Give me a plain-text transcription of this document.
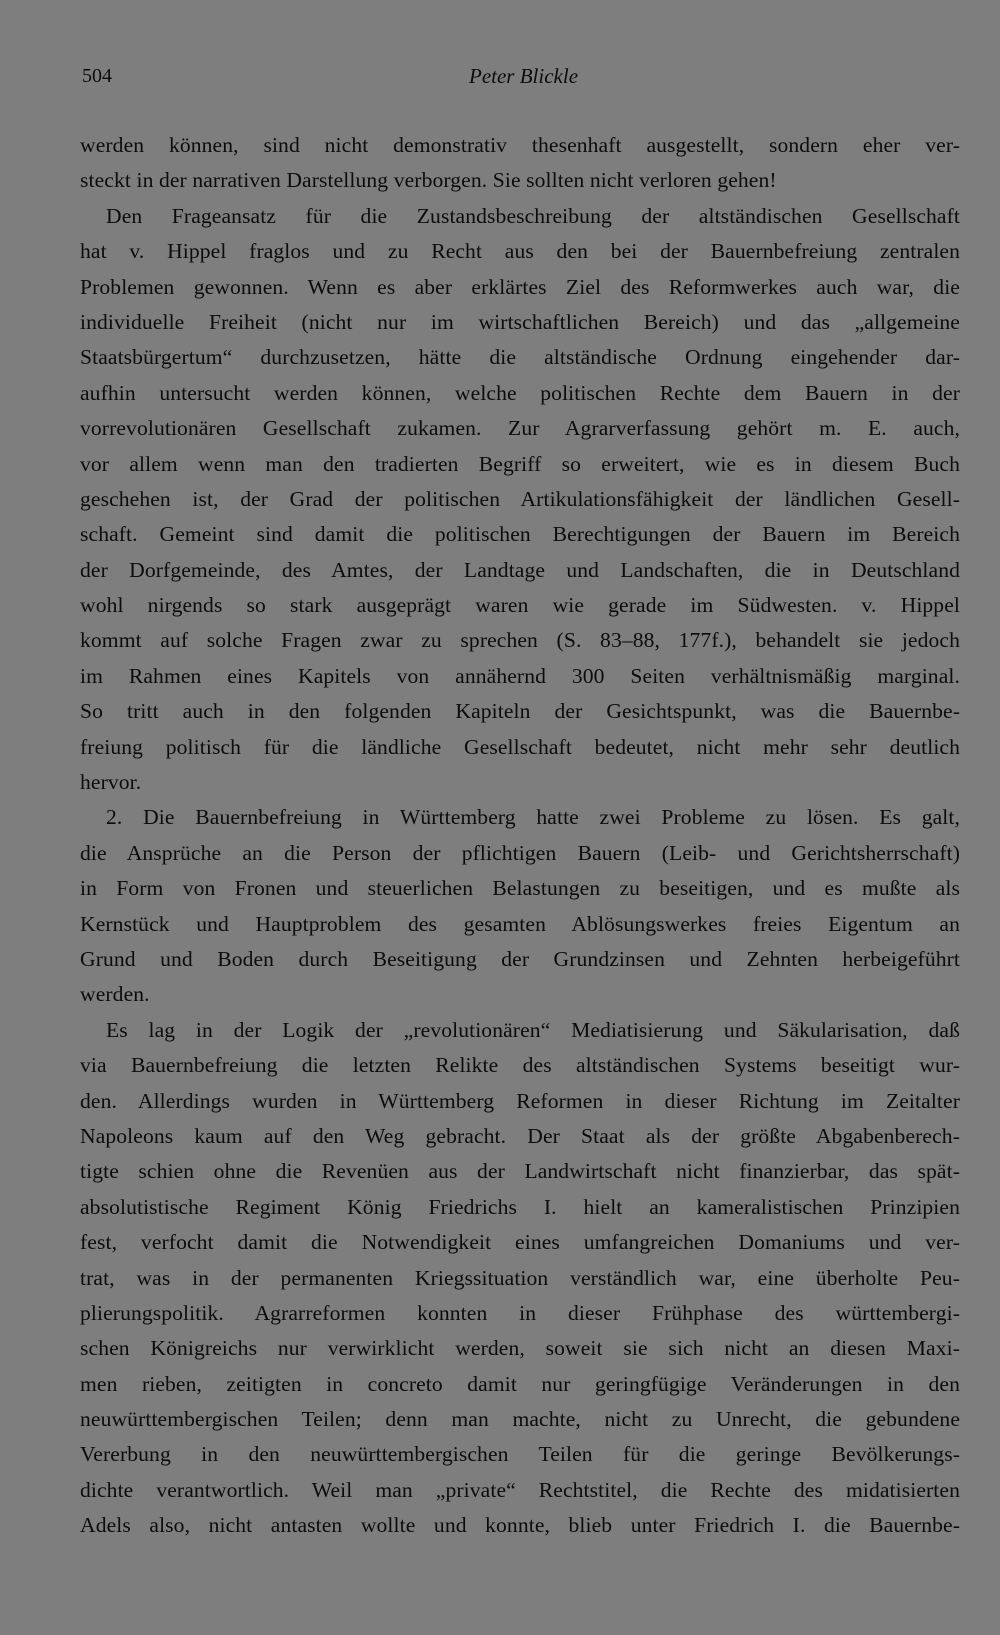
504	Peter Blickle
werden können, sind nicht demonstrativ thesenhaft ausgestellt, sondern eher ver-
steckt in der narrativen Darstellung verborgen. Sie sollten nicht verloren gehen!
Den Frageansatz für die Zustandsbeschreibung der altständischen Gesellschaft
hat v. Hippel fraglos und zu Recht aus den bei der Bauernbefreiung zentralen
Problemen gewonnen. Wenn es aber erklärtes Ziel des Reformwerkes auch war, die
individuelle Freiheit (nicht nur im wirtschaftlichen Bereich) und das „allgemeine
Staatsbürgertum“ durchzusetzen, hätte die altständische Ordnung eingehender dar-
aufhin untersucht werden können, welche politischen Rechte dem Bauern in der
vorrevolutionären Gesellschaft zukamen. Zur Agrarverfassung gehört m. E. auch,
vor allem wenn man den tradierten Begriff so erweitert, wie es in diesem Buch
geschehen ist, der Grad der politischen Artikulationsfähigkeit der ländlichen Gesell-
schaft. Gemeint sind damit die politischen Berechtigungen der Bauern im Bereich
der Dorfgemeinde, des Amtes, der Landtage und Landschaften, die in Deutschland
wohl nirgends so stark ausgeprägt waren wie gerade im Südwesten. v. Hippel
kommt auf solche Fragen zwar zu sprechen (S. 83–88, 177f.), behandelt sie jedoch
im Rahmen eines Kapitels von annähernd 300 Seiten verhältnismäßig marginal.
So tritt auch in den folgenden Kapiteln der Gesichtspunkt, was die Bauernbe-
freiung politisch für die ländliche Gesellschaft bedeutet, nicht mehr sehr deutlich
hervor.
2. Die Bauernbefreiung in Württemberg hatte zwei Probleme zu lösen. Es galt,
die Ansprüche an die Person der pflichtigen Bauern (Leib- und Gerichtsherrschaft)
in Form von Fronen und steuerlichen Belastungen zu beseitigen, und es mußte als
Kernstück und Hauptproblem des gesamten Ablösungswerkes freies Eigentum an
Grund und Boden durch Beseitigung der Grundzinsen und Zehnten herbeigeführt
werden.
Es lag in der Logik der „revolutionären“ Mediatisierung und Säkularisation, daß
via Bauernbefreiung die letzten Relikte des altständischen Systems beseitigt wur-
den. Allerdings wurden in Württemberg Reformen in dieser Richtung im Zeitalter
Napoleons kaum auf den Weg gebracht. Der Staat als der größte Abgabenberech-
tigte schien ohne die Revenüen aus der Landwirtschaft nicht finanzierbar, das spät-
absolutistische Regiment König Friedrichs I. hielt an kameralistischen Prinzipien
fest, verfocht damit die Notwendigkeit eines umfangreichen Domaniums und ver-
trat, was in der permanenten Kriegssituation verständlich war, eine überholte Peu-
plierungspolitik. Agrarreformen konnten in dieser Frühphase des württembergi-
schen Königreichs nur verwirklicht werden, soweit sie sich nicht an diesen Maxi-
men rieben, zeitigten in concreto damit nur geringfügige Veränderungen in den
neuwürttembergischen Teilen; denn man machte, nicht zu Unrecht, die gebundene
Vererbung in den neuwürttembergischen Teilen für die geringe Bevölkerungs-
dichte verantwortlich. Weil man „private“ Rechtstitel, die Rechte des midatisierten
Adels also, nicht antasten wollte und konnte, blieb unter Friedrich I. die Bauernbe-
